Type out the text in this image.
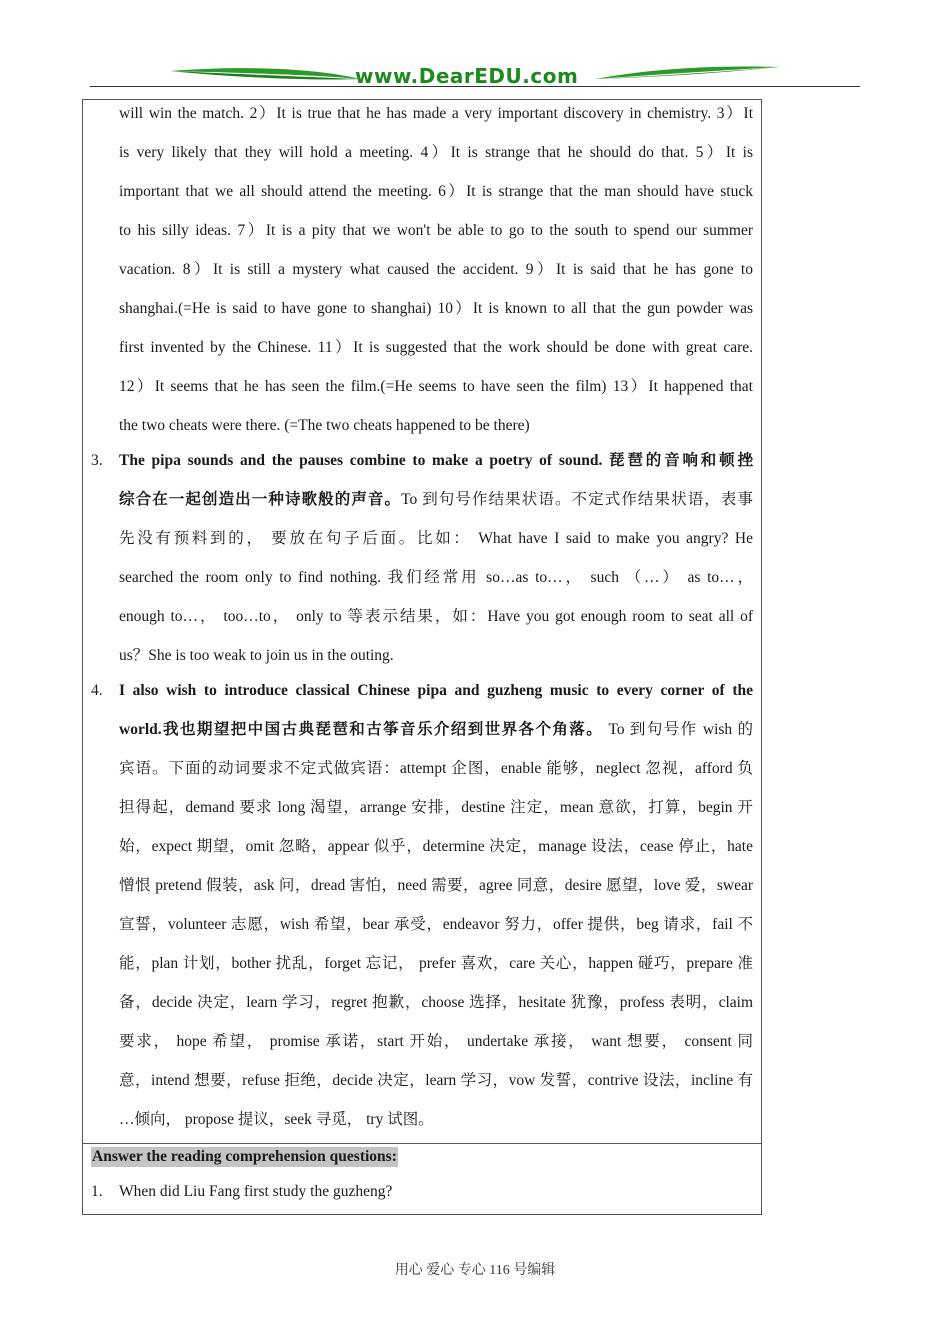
www.DearEDU.com
will win the match. 2）It is true that he has made a very important discovery in chemistry. 3）It
is very likely that they will hold a meeting. 4）It is strange that he should do that. 5）It is
important that we all should attend the meeting. 6）It is strange that the man should have stuck
to his silly ideas. 7）It is a pity that we won't be able to go to the south to spend our summer
vacation. 8）It is still a mystery what caused the accident. 9）It is said that he has gone to
shanghai.(=He is said to have gone to shanghai) 10）It is known to all that the gun powder was
first invented by the Chinese. 11）It is suggested that the work should be done with great care.
12）It seems that he has seen the film.(=He seems to have seen the film) 13）It happened that
the two cheats were there. (=The two cheats happened to be there)
3. The pipa sounds and the pauses combine to make a poetry of sound. 琵琶的音响和顿挫
综合在一起创造出一种诗歌般的声音。To 到句号作结果状语。不定式作结果状语，表事
先没有预料到的， 要放在句子后面。比如： What have I said to make you angry? He
searched the room only to find nothing. 我们经常用 so…as to…， such （…） as to…，
enough to…， too…to， only to 等表示结果，如：Have you got enough room to seat all of
us？She is too weak to join us in the outing.
4. I also wish to introduce classical Chinese pipa and guzheng music to every corner of the
world.我也期望把中国古典琵琶和古筝音乐介绍到世界各个角落。 To 到句号作 wish 的
宾语。下面的动词要求不定式做宾语：attempt 企图，enable 能够，neglect 忽视，afford 负
担得起，demand 要求 long 渴望，arrange 安排，destine 注定，mean 意欲，打算，begin 开
始，expect 期望，omit 忽略，appear 似乎，determine 决定，manage 设法，cease 停止，hate
憎恨 pretend 假装，ask 问，dread 害怕，need 需要，agree 同意，desire 愿望，love 爱，swear
宣誓，volunteer 志愿，wish 希望，bear 承受，endeavor 努力，offer 提供，beg 请求，fail 不
能，plan 计划，bother 扰乱，forget 忘记， prefer 喜欢，care 关心，happen 碰巧，prepare 准
备，decide 决定，learn 学习，regret 抱歉，choose 选择，hesitate 犹豫，profess 表明，claim
要求， hope 希望， promise 承诺，start 开始， undertake 承接， want 想要， consent 同
意，intend 想要，refuse 拒绝，decide 决定，learn 学习，vow 发誓，contrive 设法，incline 有
…倾向， propose 提议，seek 寻觅， try 试图。
Answer the reading comprehension questions:
1. When did Liu Fang first study the guzheng?
用心 爱心 专心 116 号编辑
